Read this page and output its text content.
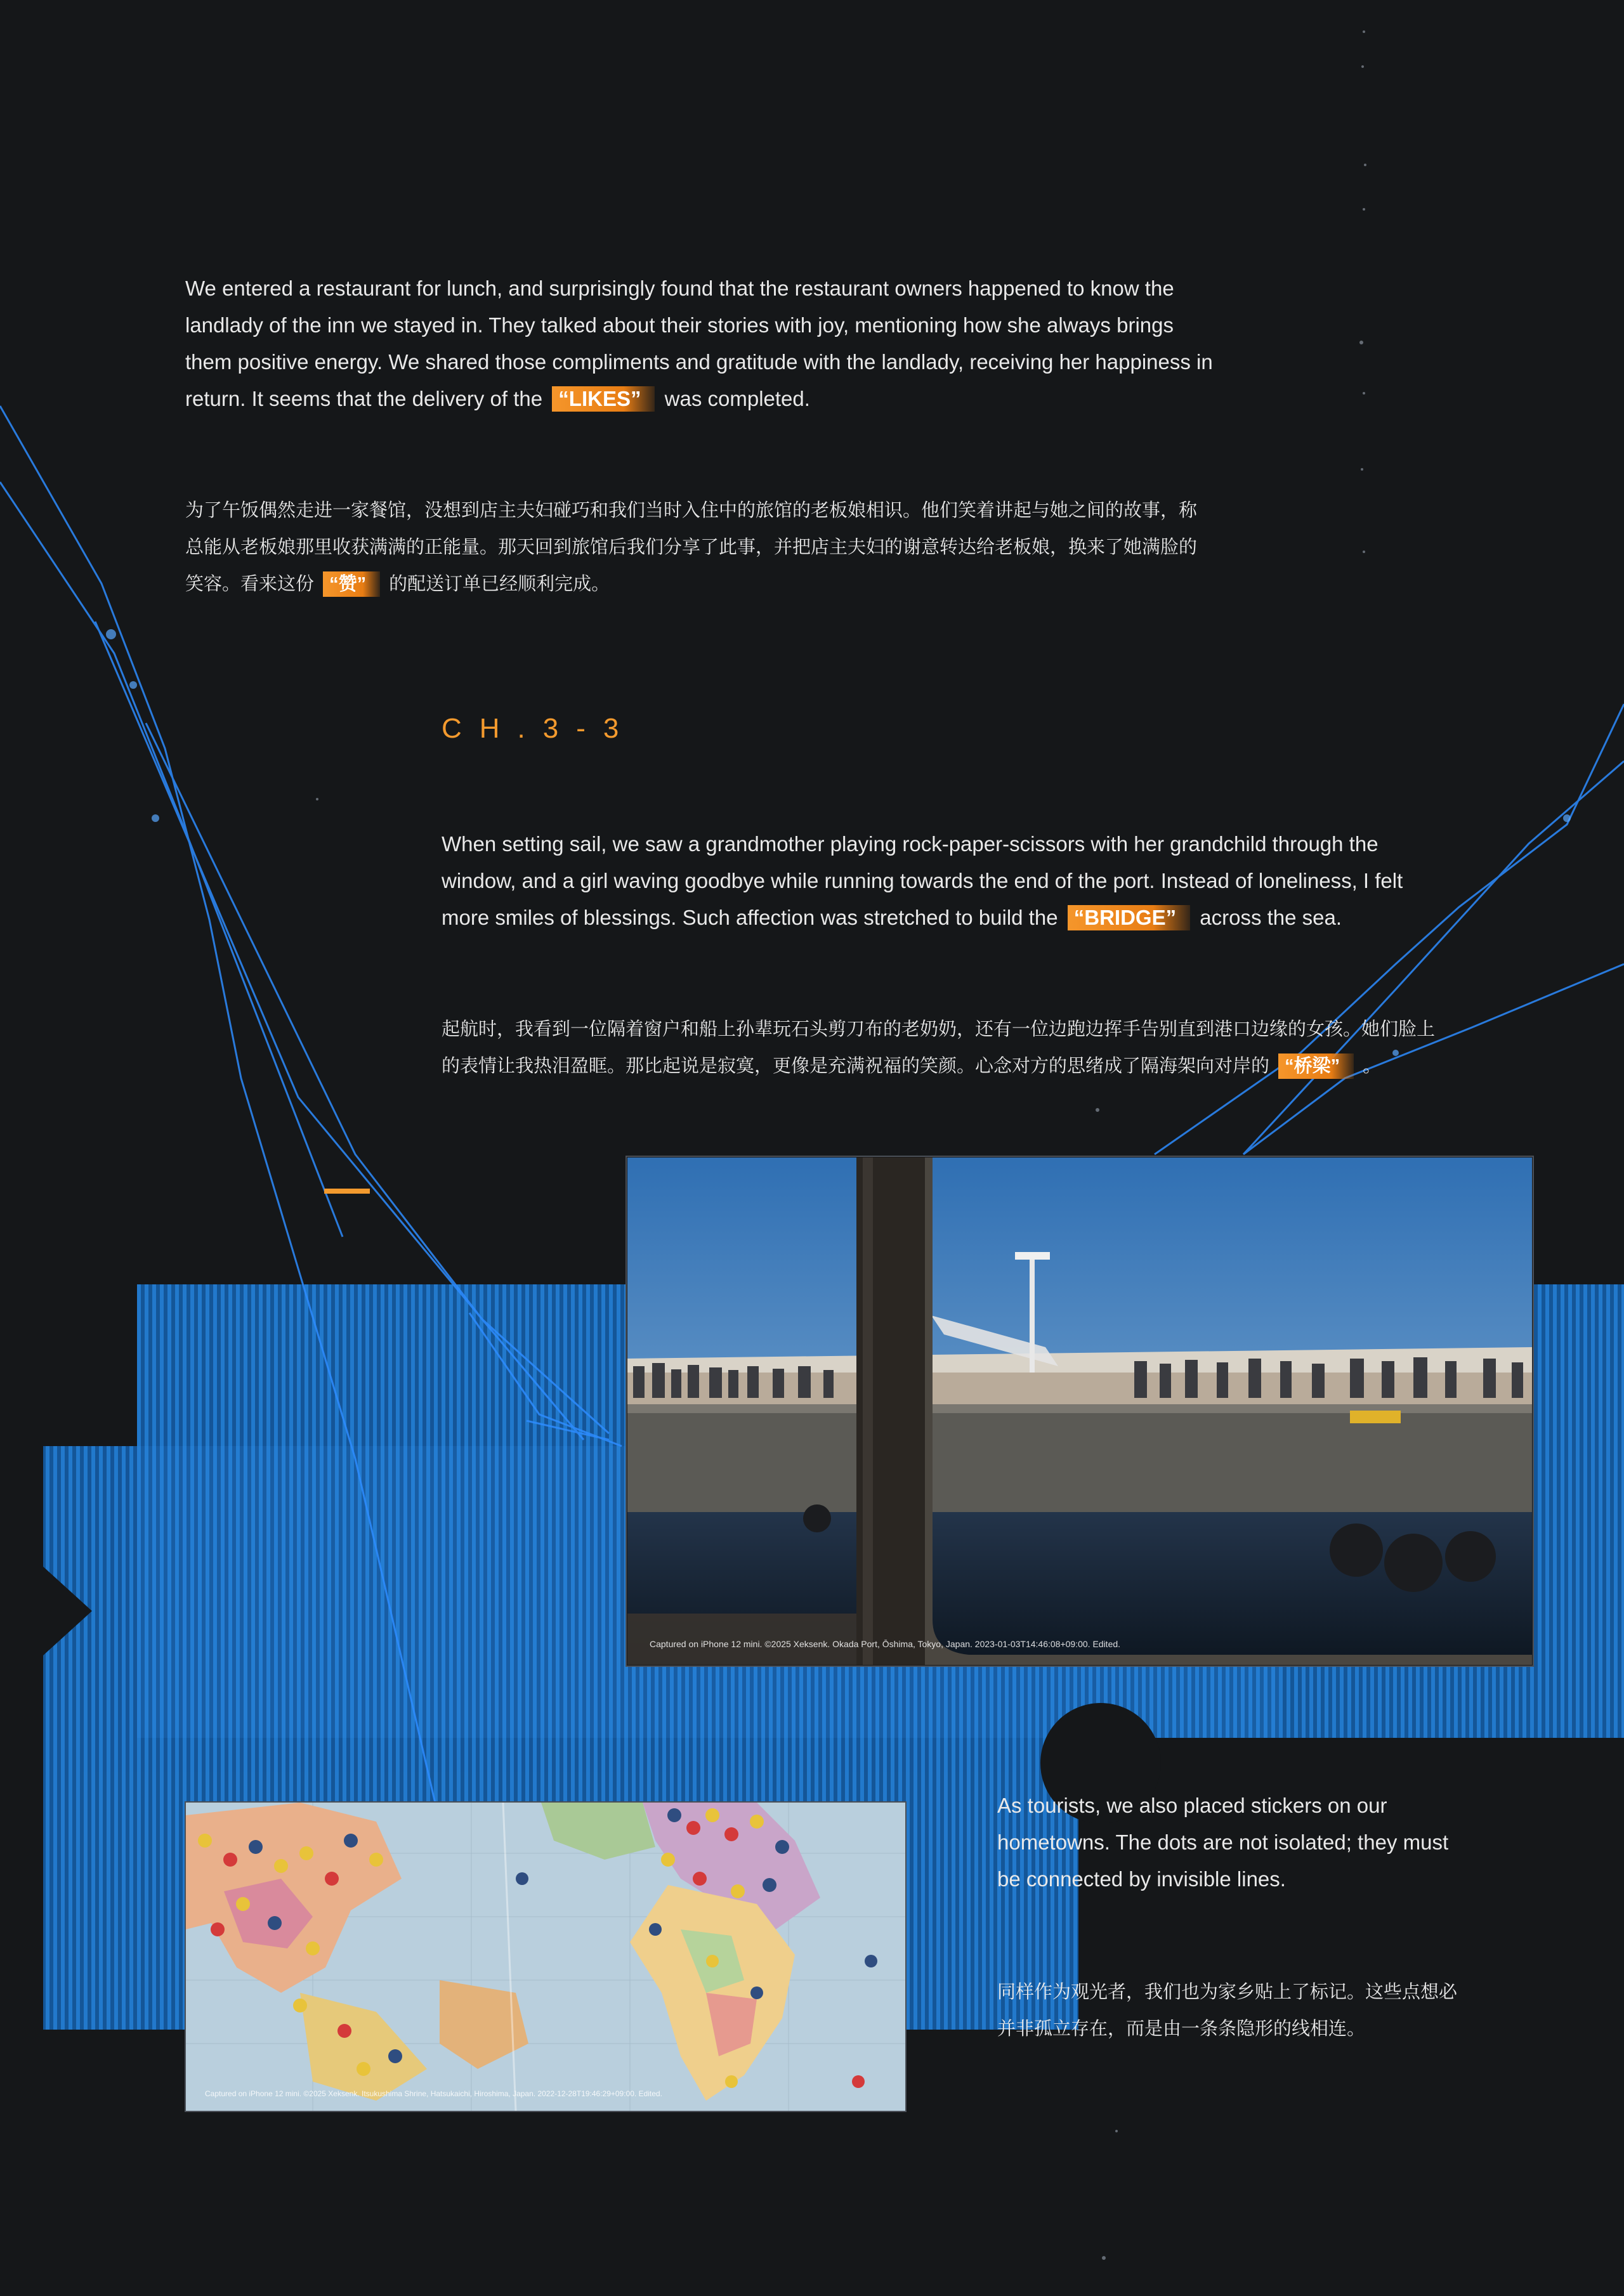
We entered a restaurant for lunch, and surprisingly found that the restaurant owners happened to know the landlady of the inn we stayed in. They talked about their stories with joy, mentioning how she always brings them positive energy. We shared those compliments and gratitude with the landlady, receiving her happiness in return. It seems that the delivery of the “LIKES” was completed.

为了午饭偶然走进一家餐馆，没想到店主夫妇碰巧和我们当时入住中的旅馆的老板娘相识。他们笑着讲起与她之间的故事，称总能从老板娘那里收获满满的正能量。那天回到旅馆后我们分享了此事，并把店主夫妇的谢意转达给老板娘，换来了她满脸的笑容。看来这份 “赞” 的配送订单已经顺利完成。

CH.3-3

When setting sail, we saw a grandmother playing rock-paper-scissors with her grandchild through the window, and a girl waving goodbye while running towards the end of the port. Instead of loneliness, I felt more smiles of blessings. Such affection was stretched to build the “BRIDGE” across the sea.

起航时，我看到一位隔着窗户和船上孙辈玩石头剪刀布的老奶奶，还有一位边跑边挥手告别直到港口边缘的女孩。她们脸上的表情让我热泪盈眶。那比起说是寂寞，更像是充满祝福的笑颜。心念对方的思绪成了隔海架向对岸的 “桥梁” 。

Captured on iPhone 12 mini. ©2025 Xeksenk. Okada Port, Ōshima, Tokyo, Japan. 2023-01-03T14:46:08+09:00. Edited.
Captured on iPhone 12 mini. ©2025 Xeksenk. Itsukushima Shrine, Hatsukaichi, Hiroshima, Japan. 2022-12-28T19:46:29+09:00. Edited.

As tourists, we also placed stickers on our hometowns. The dots are not isolated; they must be connected by invisible lines.

同样作为观光者，我们也为家乡贴上了标记。这些点想必并非孤立存在，而是由一条条隐形的线相连。
